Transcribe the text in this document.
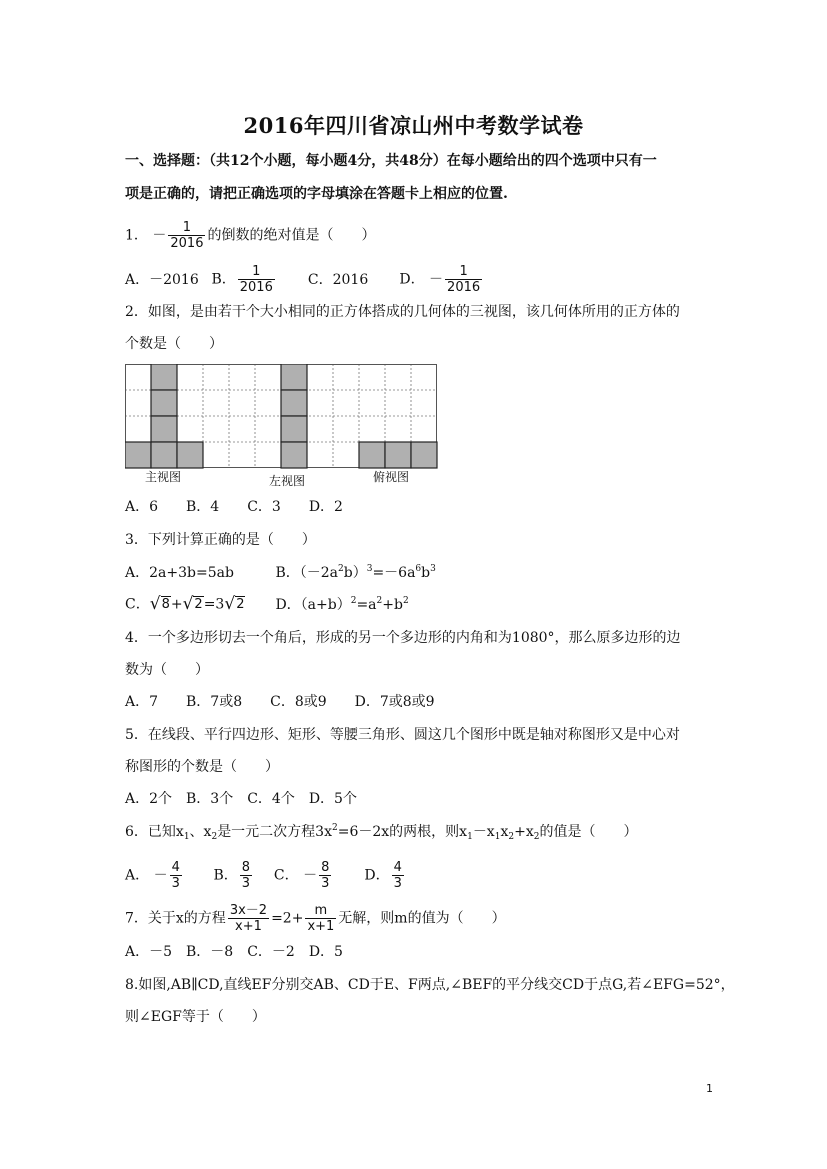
2016年四川省凉山州中考数学试卷
一、选择题：（共12个小题，每小题4分，共48分）在每小题给出的四个选项中只有一
项是正确的，请把正确选项的字母填涂在答题卡上相应的位置.
1． － $\frac{1}{2016}$ 的倒数的绝对值是（　　）
A．－2016 B． $\frac{1}{2016}$ C．2016 D． － $\frac{1}{2016}$
2．如图，是由若干个大小相同的正方体搭成的几何体的三视图，该几何体所用的正方体的
个数是（　　）
主视图	左视图	俯视图
A．6　　B．4　　C．3　　D．2
3．下列计算正确的是（　　）
A．2a+3b=5ab	B．$(-2a^2b)^3=-6a^6b^3$
C．√8+√2=3√2 D．$(a+b)^2=a^2+b^2$
4．一个多边形切去一个角后，形成的另一个多边形的内角和为1080°，那么原多边形的边
数为（　　）
A．7　　B．7或8　　C．8或9　　D．7或8或9
5．在线段、平行四边形、矩形、等腰三角形、圆这几个图形中既是轴对称图形又是中心对
称图形的个数是（　　）
A．2个　B．3个　C．4个　D．5个
6．已知$x_1$、$x_2$是一元二次方程$3x^2=6-2x$的两根，则$x_1-x_1x_2+x_2$的值是（　　）
A． － $\frac{4}{3}$ B． $\frac{8}{3}$ C． － $\frac{8}{3}$ D． $\frac{4}{3}$
7．关于x的方程 $\frac{3x-2}{x+1} =2+ \frac{m}{x+1}$ 无解，则m的值为（　　）
A．－5　B．－8　C．－2　D．5
8.如图,AB∥CD,直线EF分别交AB、CD于E、F两点,∠BEF的平分线交CD于点G,若∠EFG=52°，
则∠EGF等于（　　）
1
